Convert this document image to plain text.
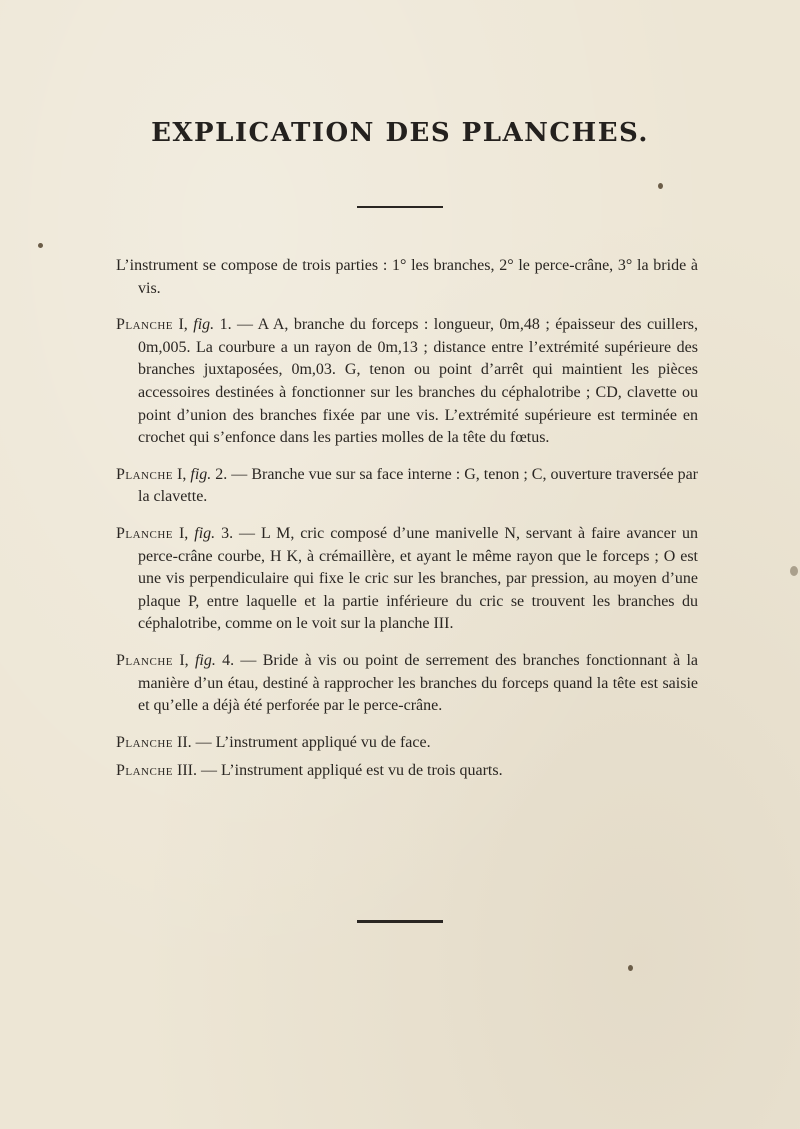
EXPLICATION DES PLANCHES.

L’instrument se compose de trois parties : 1° les branches, 2° le perce-crâne, 3° la bride à vis.

Planche I, fig. 1. — A A, branche du forceps : longueur, 0m,48 ; épaisseur des cuillers, 0m,005. La courbure a un rayon de 0m,13 ; distance entre l’extrémité supérieure des branches juxtaposées, 0m,03. G, tenon ou point d’arrêt qui maintient les pièces accessoires destinées à fonctionner sur les branches du céphalotribe ; CD, clavette ou point d’union des branches fixée par une vis. L’extrémité supérieure est terminée en crochet qui s’enfonce dans les parties molles de la tête du fœtus.

Planche I, fig. 2. — Branche vue sur sa face interne : G, tenon ; C, ouverture traversée par la clavette.

Planche I, fig. 3. — L M, cric composé d’une manivelle N, servant à faire avancer un perce-crâne courbe, H K, à crémaillère, et ayant le même rayon que le forceps ; O est une vis perpendiculaire qui fixe le cric sur les branches, par pression, au moyen d’une plaque P, entre laquelle et la partie inférieure du cric se trouvent les branches du céphalotribe, comme on le voit sur la planche III.

Planche I, fig. 4. — Bride à vis ou point de serrement des branches fonctionnant à la manière d’un étau, destiné à rapprocher les branches du forceps quand la tête est saisie et qu’elle a déjà été perforée par le perce-crâne.

Planche II. — L’instrument appliqué vu de face.

Planche III. — L’instrument appliqué est vu de trois quarts.
